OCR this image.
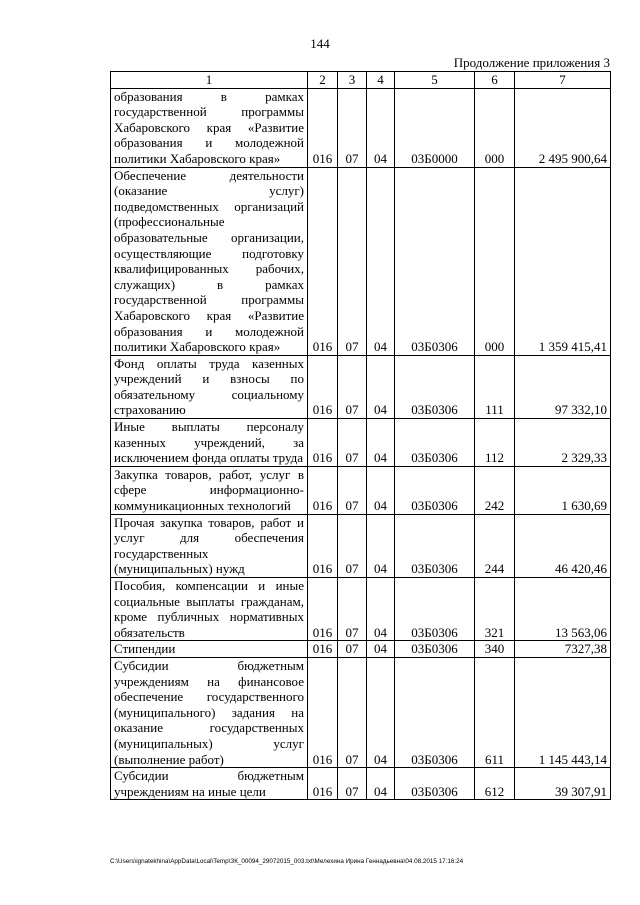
144
Продолжение приложения 3
1	2	3	4	5	6	7
образования в рамках государственной программы Хабаровского края «Развитие образования и молодежной политики Хабаровского края»	016	07	04	03Б0000	000	2 495 900,64
Обеспечение деятельности (оказание услуг) подведомственных организаций (профессиональные образовательные организации, осуществляющие подготовку квалифицированных рабочих, служащих) в рамках государственной программы Хабаровского края «Развитие образования и молодежной политики Хабаровского края»	016	07	04	03Б0306	000	1 359 415,41
Фонд оплаты труда казенных учреждений и взносы по обязательному социальному страхованию	016	07	04	03Б0306	111	97 332,10
Иные выплаты персоналу казенных учреждений, за исключением фонда оплаты труда	016	07	04	03Б0306	112	2 329,33
Закупка товаров, работ, услуг в сфере информационно-коммуникационных технологий	016	07	04	03Б0306	242	1 630,69
Прочая закупка товаров, работ и услуг для обеспечения государственных (муниципальных) нужд	016	07	04	03Б0306	244	46 420,46
Пособия, компенсации и иные социальные выплаты гражданам, кроме публичных нормативных обязательств	016	07	04	03Б0306	321	13 563,06
Стипендии	016	07	04	03Б0306	340	7327,38
Субсидии бюджетным учреждениям на финансовое обеспечение государственного (муниципального) задания на оказание государственных (муниципальных) услуг (выполнение работ)	016	07	04	03Б0306	611	1 145 443,14
Субсидии бюджетным учреждениям на иные цели	016	07	04	03Б0306	612	39 307,91
C:\Users\ignatekhina\AppData\Local\Temp\ЗК_00094_29072015_003.txt\Мелехина Ирина Геннадьевна\04.08.2015 17:16:24
